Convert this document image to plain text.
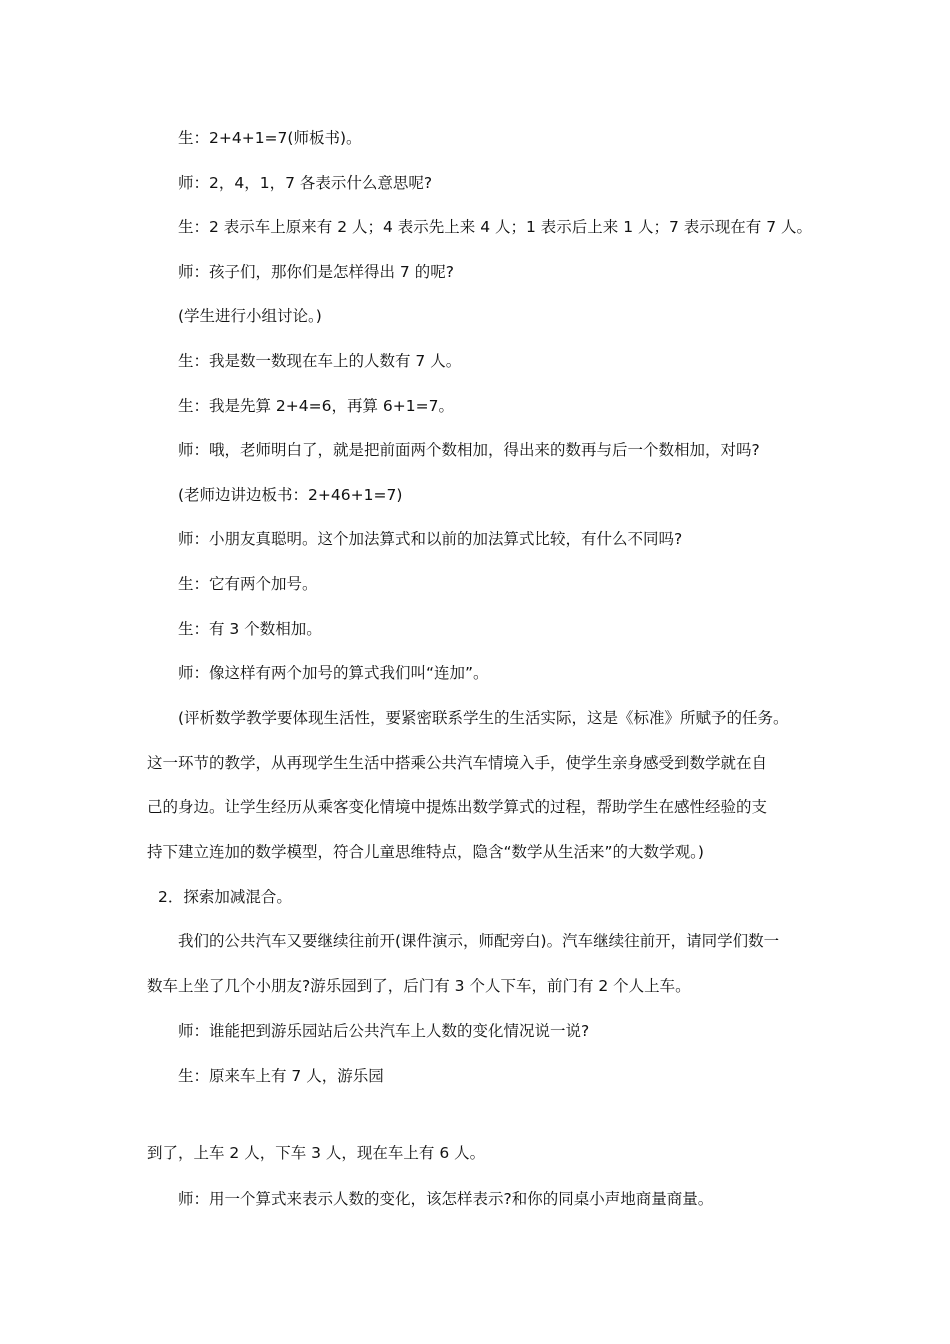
生：2+4+1=7(师板书)。
师：2，4，1，7 各表示什么意思呢?
生：2 表示车上原来有 2 人；4 表示先上来 4 人；1 表示后上来 1 人；7 表示现在有 7 人。
师：孩子们，那你们是怎样得出 7 的呢?
(学生进行小组讨论。)
生：我是数一数现在车上的人数有 7 人。
生：我是先算 2+4=6，再算 6+1=7。
师：哦，老师明白了，就是把前面两个数相加，得出来的数再与后一个数相加，对吗?
(老师边讲边板书：2+46+1=7)
师：小朋友真聪明。这个加法算式和以前的加法算式比较，有什么不同吗?
生：它有两个加号。
生：有 3 个数相加。
师：像这样有两个加号的算式我们叫“连加”。
(评析数学教学要体现生活性，要紧密联系学生的生活实际，这是《标准》所赋予的任务。
这一环节的教学，从再现学生生活中搭乘公共汽车情境入手，使学生亲身感受到数学就在自
己的身边。让学生经历从乘客变化情境中提炼出数学算式的过程，帮助学生在感性经验的支
持下建立连加的数学模型，符合儿童思维特点，隐含“数学从生活来”的大数学观。)
2．探索加减混合。
我们的公共汽车又要继续往前开(课件演示，师配旁白)。汽车继续往前开，请同学们数一
数车上坐了几个小朋友?游乐园到了，后门有 3 个人下车，前门有 2 个人上车。
师：谁能把到游乐园站后公共汽车上人数的变化情况说一说?
生：原来车上有 7 人，游乐园
到了，上车 2 人，下车 3 人，现在车上有 6 人。
师：用一个算式来表示人数的变化，该怎样表示?和你的同桌小声地商量商量。
